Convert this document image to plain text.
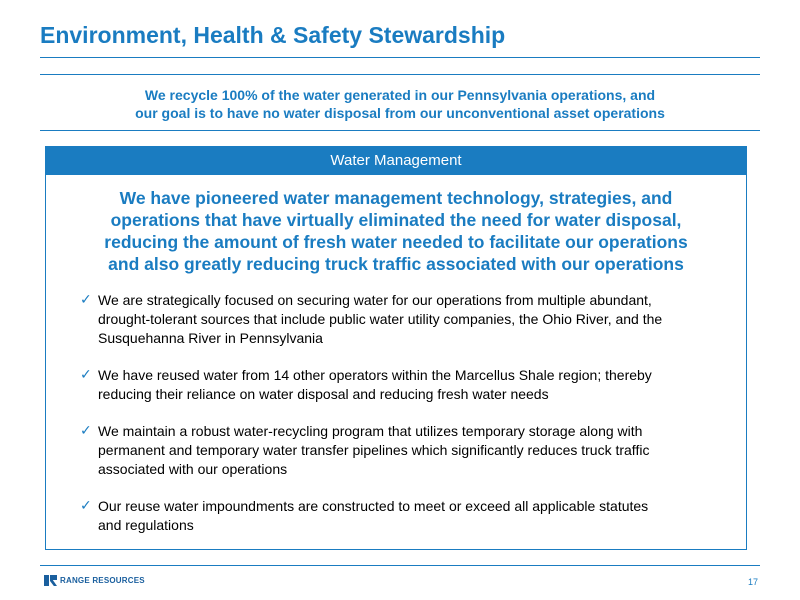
Environment, Health & Safety Stewardship
We recycle 100% of the water generated in our Pennsylvania operations, and
our goal is to have no water disposal from our unconventional asset operations
Water Management
We have pioneered water management technology, strategies, and
operations that have virtually eliminated the need for water disposal,
reducing the amount of fresh water needed to facilitate our operations
and also greatly reducing truck traffic associated with our operations
✓ We are strategically focused on securing water for our operations from multiple abundant,
drought-tolerant sources that include public water utility companies, the Ohio River, and the
Susquehanna River in Pennsylvania
✓ We have reused water from 14 other operators within the Marcellus Shale region; thereby
reducing their reliance on water disposal and reducing fresh water needs
✓ We maintain a robust water-recycling program that utilizes temporary storage along with
permanent and temporary water transfer pipelines which significantly reduces truck traffic
associated with our operations
✓ Our reuse water impoundments are constructed to meet or exceed all applicable statutes
and regulations
RANGE RESOURCES	17
